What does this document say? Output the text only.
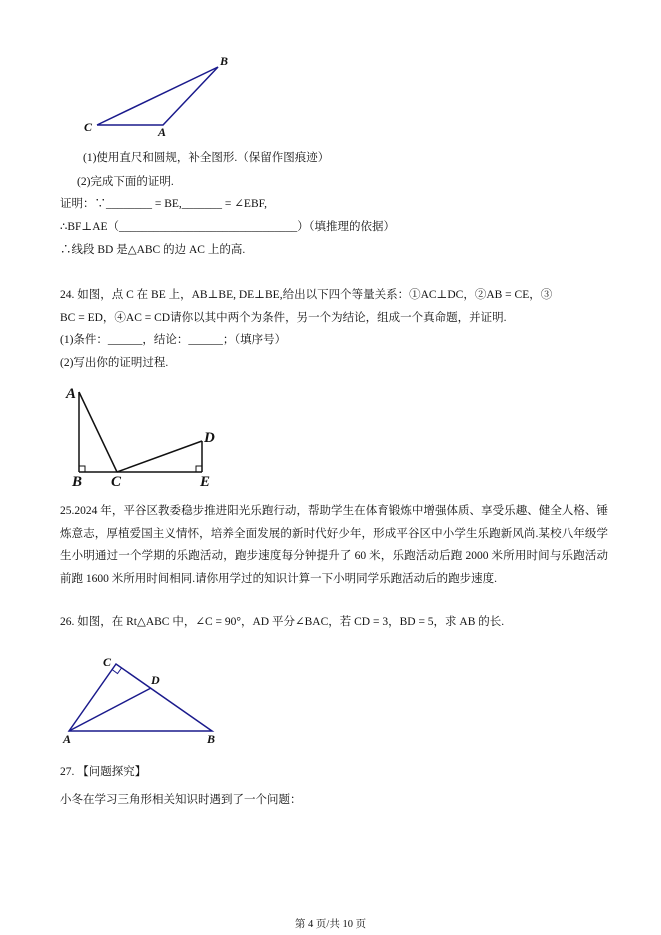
B
C	A
A
D
B C	E
C
D
A	B
(1)使用直尺和圆规，补全图形.（保留作图痕迹）
(2)完成下面的证明.
证明：∵________ = BE,_______ = ∠EBF,
∴BF⊥AE（_______________________________）（填推理的依据）
∴线段 BD 是△ABC 的边 AC 上的高.
24. 如图，点 C 在 BE 上，AB⊥BE, DE⊥BE,给出以下四个等量关系：①AC⊥DC，②AB = CE，③
BC = ED，④AC = CD请你以其中两个为条件，另一个为结论，组成一个真命题，并证明.
(1)条件：______，结论：______；（填序号）
(2)写出你的证明过程.
25.2024 年，平谷区教委稳步推进阳光乐跑行动，帮助学生在体育锻炼中增强体质、享受乐趣、健全人格、锤炼意志，厚植爱国主义情怀，培养全面发展的新时代好少年，形成平谷区中小学生乐跑新风尚.某校八年级学生小明通过一个学期的乐跑活动，跑步速度每分钟提升了 60 米，乐跑活动后跑 2000 米所用时间与乐跑活动前跑 1600 米所用时间相同.请你用学过的知识计算一下小明同学乐跑活动后的跑步速度.
26. 如图，在 Rt△ABC 中，∠C = 90°，AD 平分∠BAC，若 CD = 3，BD = 5，求 AB 的长.
27. 【问题探究】
小冬在学习三角形相关知识时遇到了一个问题：
第 4 页/共 10 页
